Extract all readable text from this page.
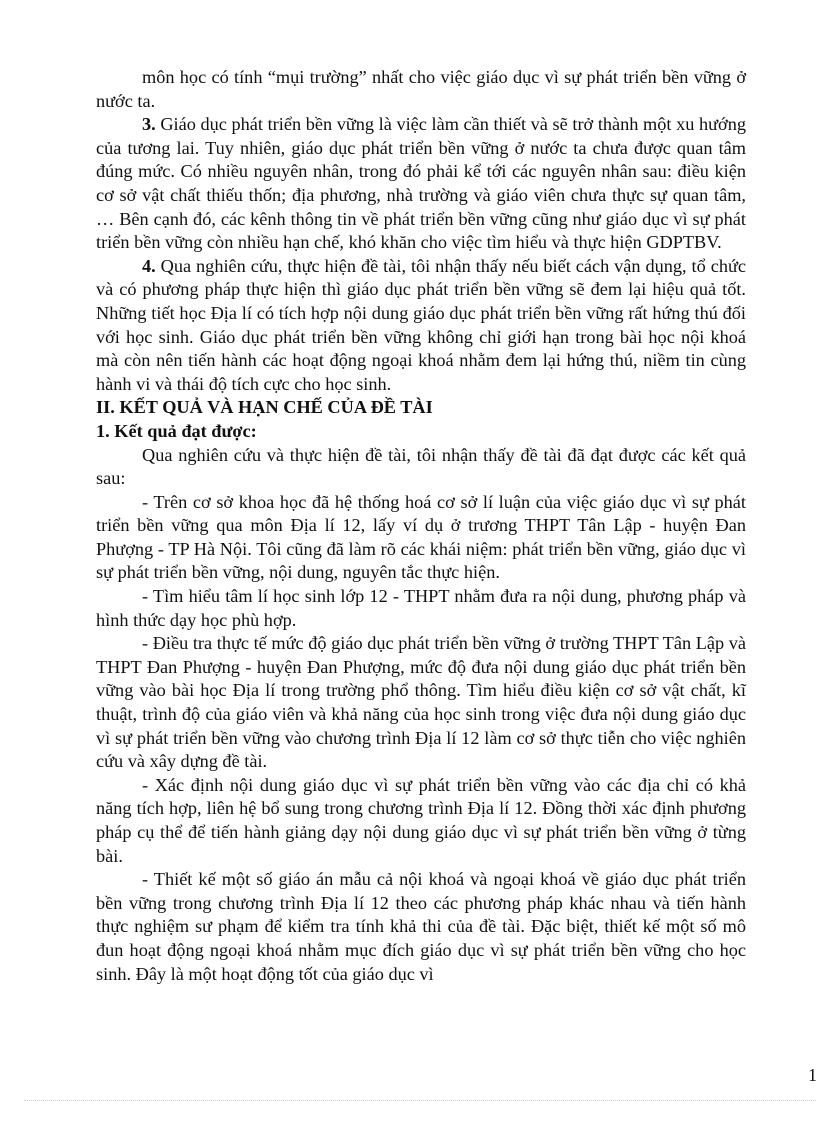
môn học có tính “mụi trường” nhất cho việc giáo dục vì sự phát triển bền vững ở nước ta.

3. Giáo dục phát triển bền vững là việc làm cần thiết và sẽ trở thành một xu hướng của tương lai. Tuy nhiên, giáo dục phát triển bền vững ở nước ta chưa được quan tâm đúng mức. Có nhiều nguyên nhân, trong đó phải kể tới các nguyên nhân sau: điều kiện cơ sở vật chất thiếu thốn; địa phương, nhà trường và giáo viên chưa thực sự quan tâm, … Bên cạnh đó, các kênh thông tin về phát triển bền vững cũng như giáo dục vì sự phát triển bền vững còn nhiều hạn chế, khó khăn cho việc tìm hiểu và thực hiện GDPTBV.

4. Qua nghiên cứu, thực hiện đề tài, tôi nhận thấy nếu biết cách vận dụng, tổ chức và có phương pháp thực hiện thì giáo dục phát triển bền vững sẽ đem lại hiệu quả tốt. Những tiết học Địa lí có tích hợp nội dung giáo dục phát triển bền vững rất hứng thú đối với học sinh. Giáo dục phát triển bền vững không chỉ giới hạn trong bài học nội khoá mà còn nên tiến hành các hoạt động ngoại khoá nhằm đem lại hứng thú, niềm tin cùng hành vi và thái độ tích cực cho học sinh.

II. KẾT QUẢ VÀ HẠN CHẾ CỦA ĐỀ TÀI

1. Kết quả đạt được:

Qua nghiên cứu và thực hiện đề tài, tôi nhận thấy đề tài đã đạt được các kết quả sau:

- Trên cơ sở khoa học đã hệ thống hoá cơ sở lí luận của việc giáo dục vì sự phát triển bền vững qua môn Địa lí 12, lấy ví dụ ở trương THPT Tân Lập - huyện Đan Phượng - TP Hà Nội. Tôi cũng đã làm rõ các khái niệm: phát triển bền vững, giáo dục vì sự phát triển bền vững, nội dung, nguyên tắc thực hiện.

- Tìm hiểu tâm lí học sinh lớp 12 - THPT nhằm đưa ra nội dung, phương pháp và hình thức dạy học phù hợp.

- Điều tra thực tế mức độ giáo dục phát triển bền vững ở trường THPT Tân Lập và THPT Đan Phượng - huyện Đan Phượng, mức độ đưa nội dung giáo dục phát triển bền vững vào bài học Địa lí trong trường phổ thông. Tìm hiểu điều kiện cơ sở vật chất, kĩ thuật, trình độ của giáo viên và khả năng của học sinh trong việc đưa nội dung giáo dục vì sự phát triển bền vững vào chương trình Địa lí 12 làm cơ sở thực tiễn cho việc nghiên cứu và xây dựng đề tài.

- Xác định nội dung giáo dục vì sự phát triển bền vững vào các địa chỉ có khả năng tích hợp, liên hệ bổ sung trong chương trình Địa lí 12. Đồng thời xác định phương pháp cụ thể để tiến hành giảng dạy nội dung giáo dục vì sự phát triển bền vững ở từng bài.

- Thiết kế một số giáo án mẫu cả nội khoá và ngoại khoá về giáo dục phát triển bền vững trong chương trình Địa lí 12 theo các phương pháp khác nhau và tiến hành thực nghiệm sư phạm để kiểm tra tính khả thi của đề tài. Đặc biệt, thiết kế một số mô đun hoạt động ngoại khoá nhằm mục đích giáo dục vì sự phát triển bền vững cho học sinh. Đây là một hoạt động tốt của giáo dục vì

1
